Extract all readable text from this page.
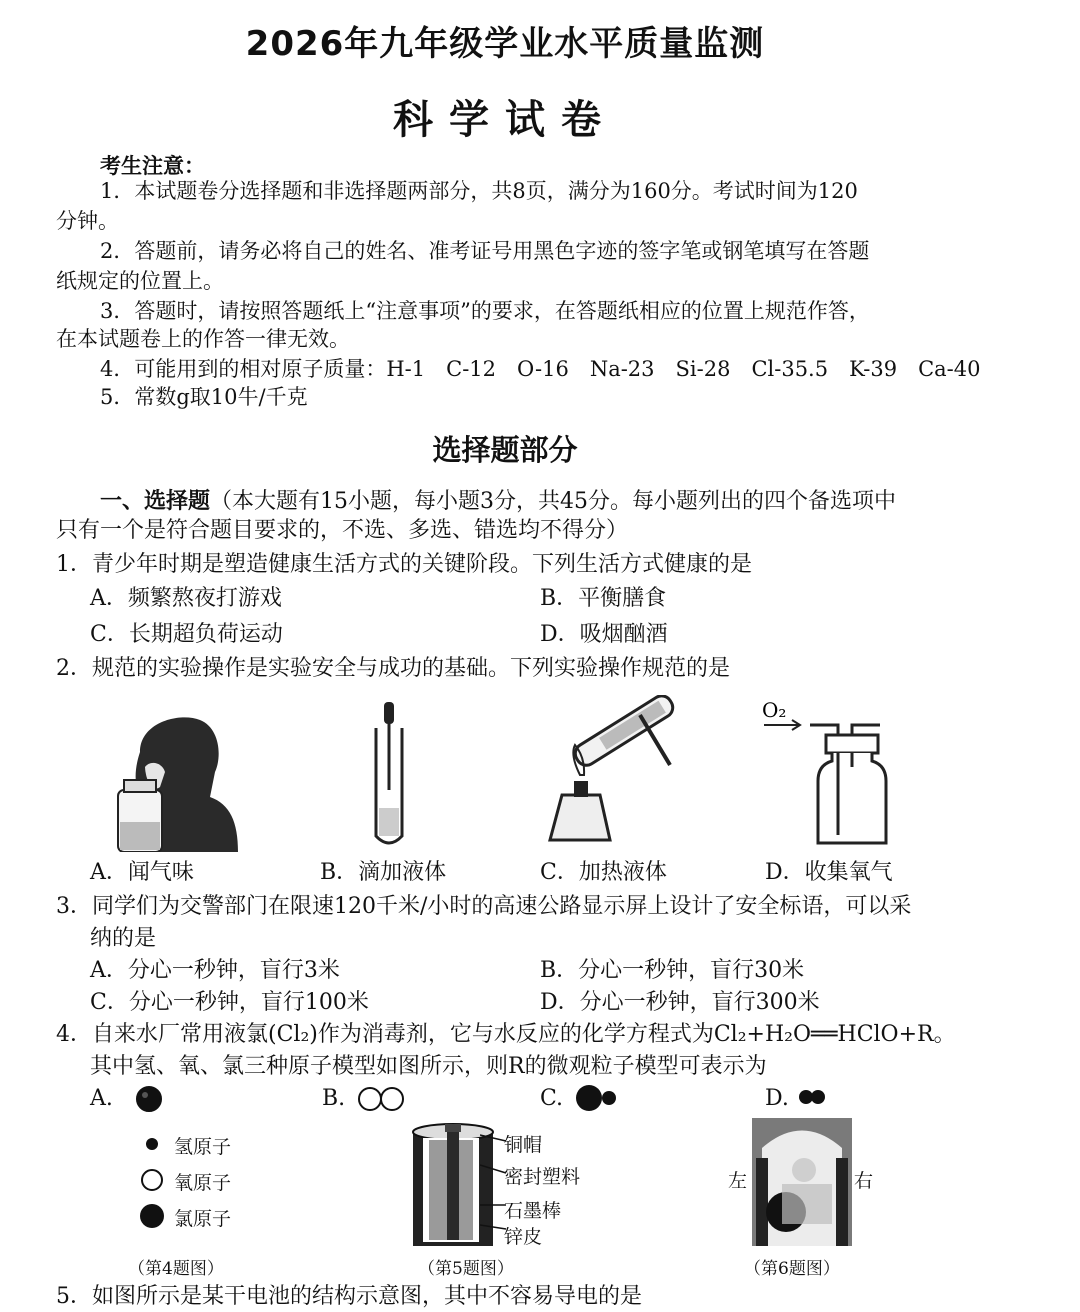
2026年九年级学业水平质量监测
科学试卷
考生注意：
1．本试题卷分选择题和非选择题两部分，共8页，满分为160分。考试时间为120
分钟。
2．答题前，请务必将自己的姓名、准考证号用黑色字迹的签字笔或钢笔填写在答题
纸规定的位置上。
3．答题时，请按照答题纸上“注意事项”的要求，在答题纸相应的位置上规范作答，
在本试题卷上的作答一律无效。
4．可能用到的相对原子质量：H-1　C-12　O-16　Na-23　Si-28　Cl-35.5　K-39　Ca-40
5．常数g取10牛/千克
选择题部分
一、选择题（本大题有15小题，每小题3分，共45分。每小题列出的四个备选项中
只有一个是符合题目要求的，不选、多选、错选均不得分）
1．青少年时期是塑造健康生活方式的关键阶段。下列生活方式健康的是
A．频繁熬夜打游戏	B．平衡膳食
C．长期超负荷运动	D．吸烟酗酒
2．规范的实验操作是实验安全与成功的基础。下列实验操作规范的是
O₂
A．闻气味	B．滴加液体	C．加热液体	D．收集氧气
3．同学们为交警部门在限速120千米/小时的高速公路显示屏上设计了安全标语，可以采
纳的是
A．分心一秒钟，盲行3米	B．分心一秒钟，盲行30米
C．分心一秒钟，盲行100米	D．分心一秒钟，盲行300米
4．自来水厂常用液氯(Cl₂)作为消毒剂，它与水反应的化学方程式为Cl₂+H₂O══HClO+R。
其中氢、氧、氯三种原子模型如图所示，则R的微观粒子模型可表示为
A.	B.	C.	D.
氢原子
氧原子
氯原子
（第4题图）
铜帽
密封塑料
石墨棒
锌皮
（第5题图）
左	右
（第6题图）
5．如图所示是某干电池的结构示意图，其中不容易导电的是
